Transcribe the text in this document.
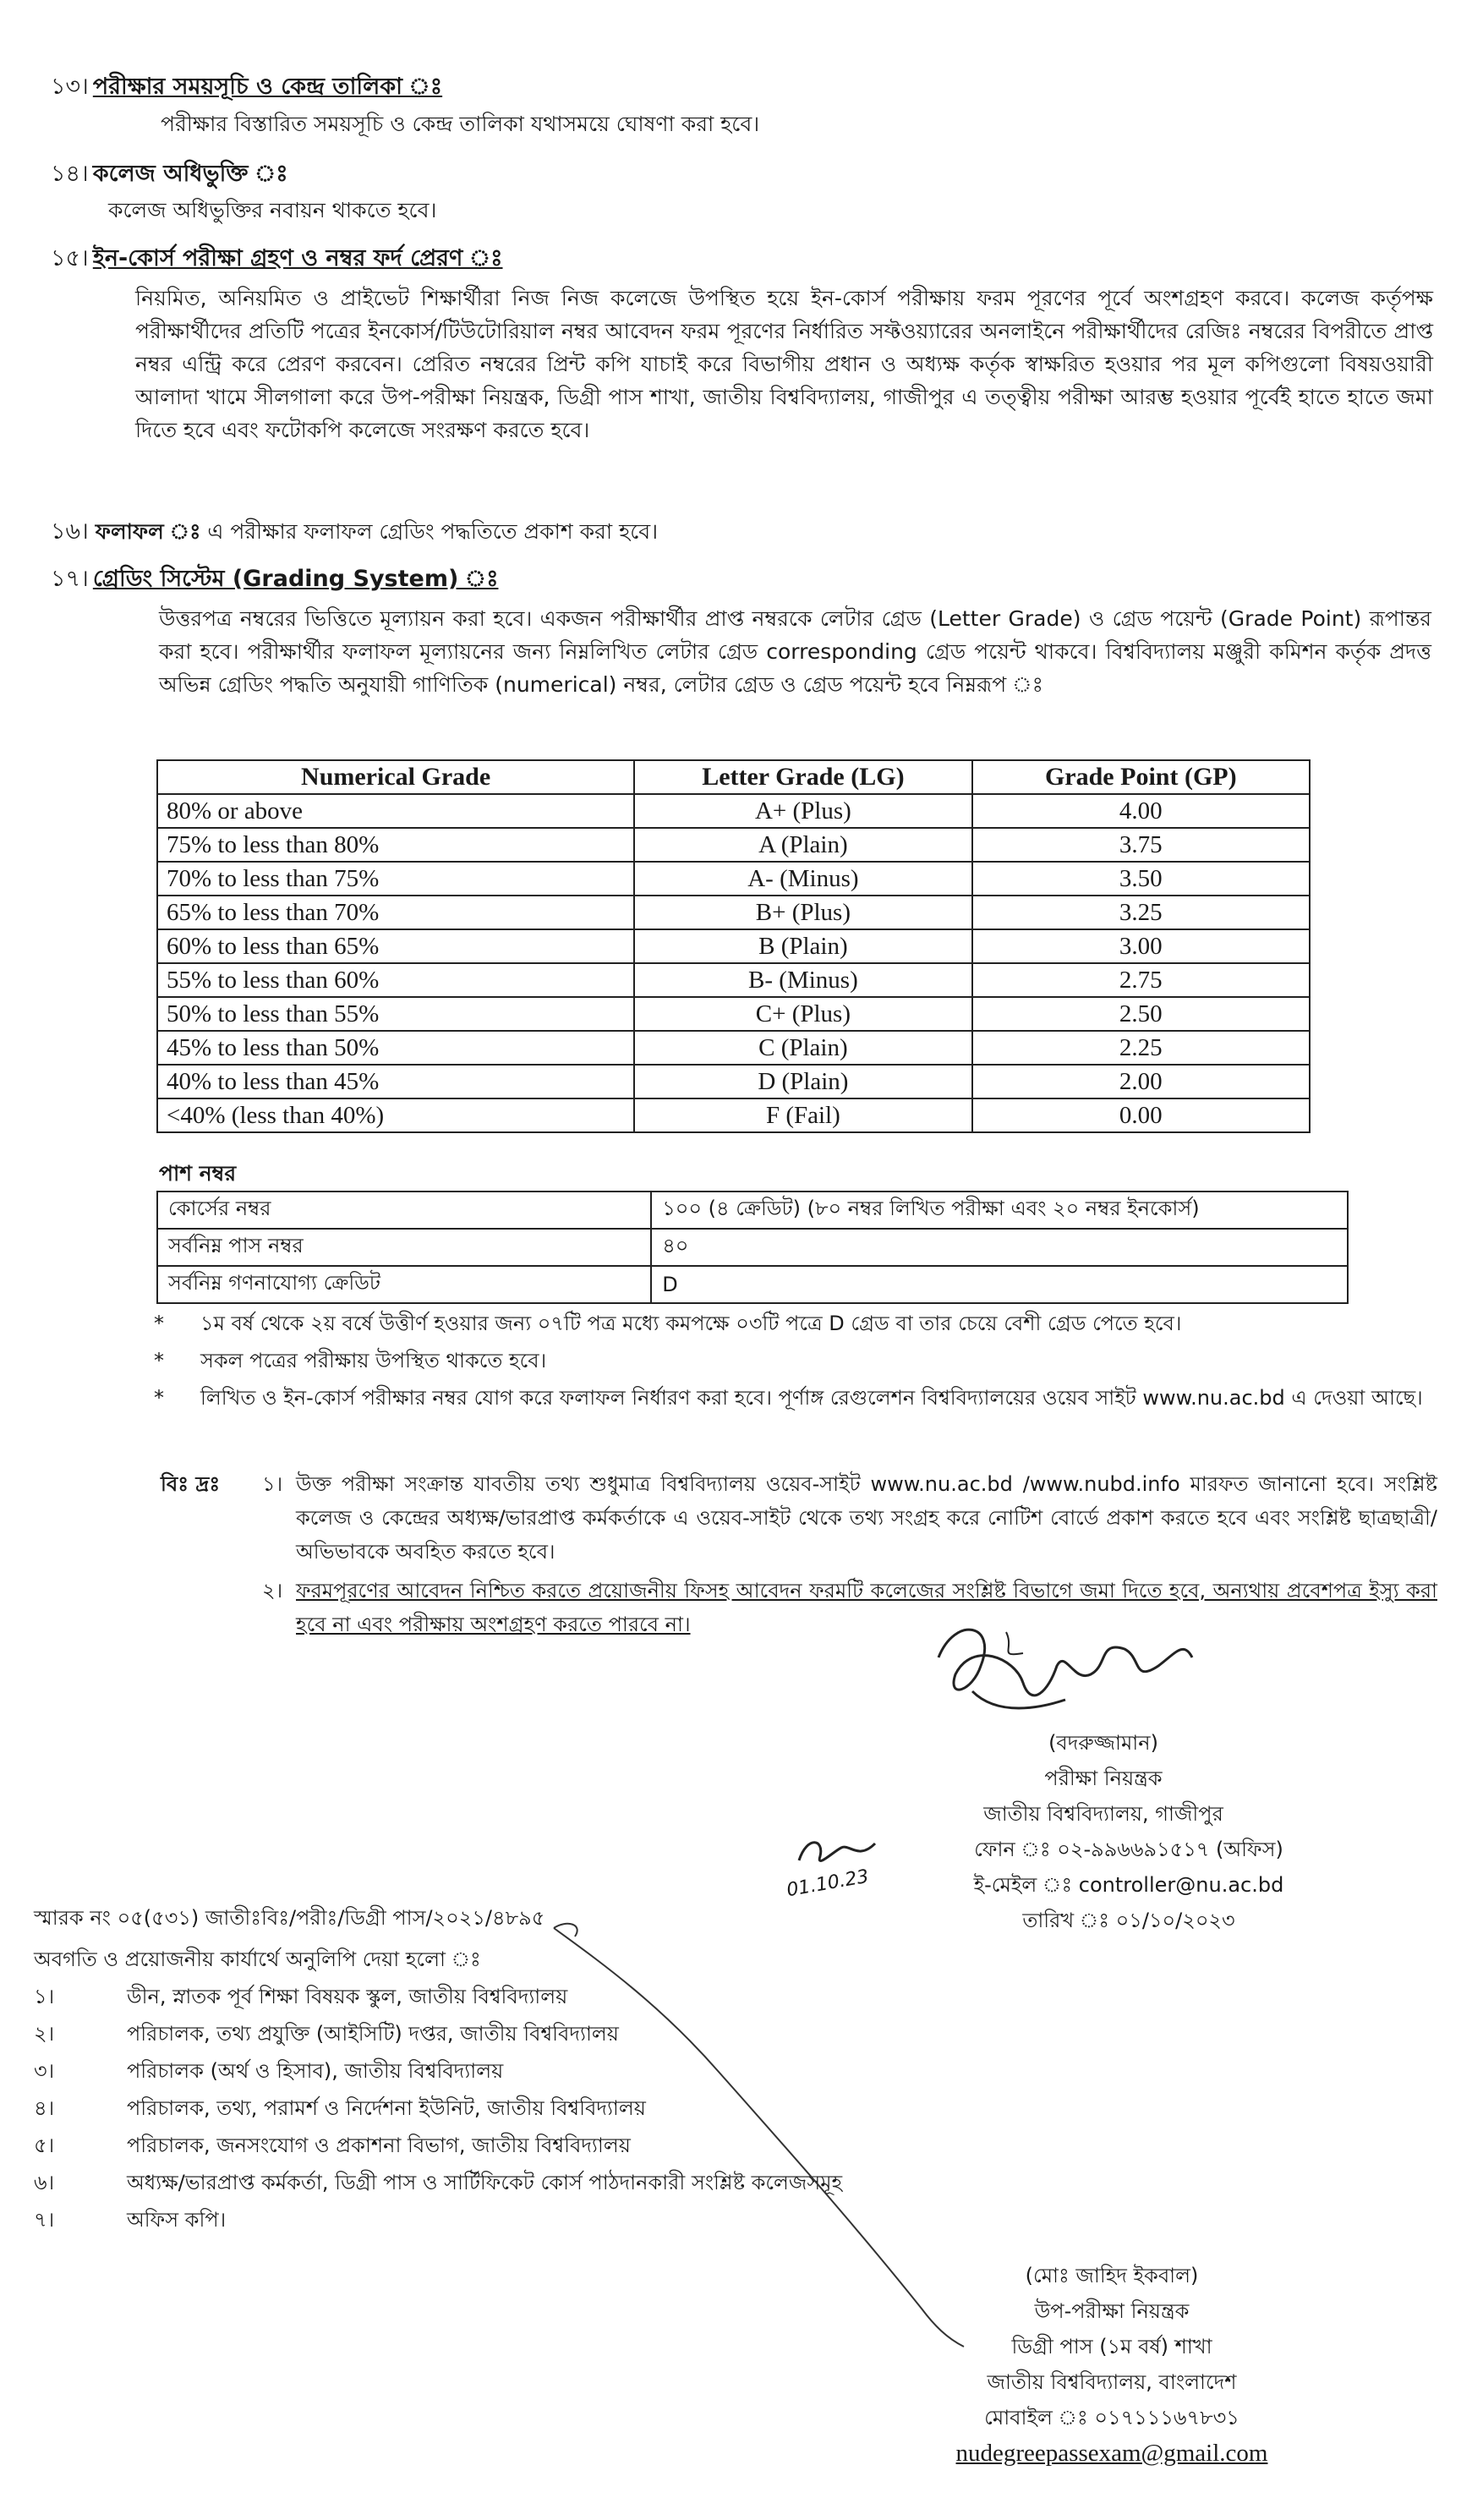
১৩। পরীক্ষার সময়সূচি ও কেন্দ্র তালিকা ঃ
পরীক্ষার বিস্তারিত সময়সূচি ও কেন্দ্র তালিকা যথাসময়ে ঘোষণা করা হবে।
১৪। কলেজ অধিভুক্তি ঃ
কলেজ অধিভুক্তির নবায়ন থাকতে হবে।
১৫। ইন-কোর্স পরীক্ষা গ্রহণ ও নম্বর ফর্দ প্রেরণ ঃ
নিয়মিত, অনিয়মিত ও প্রাইভেট শিক্ষার্থীরা নিজ নিজ কলেজে উপস্থিত হয়ে ইন-কোর্স পরীক্ষায় ফরম পূরণের পূর্বে অংশগ্রহণ করবে। কলেজ কর্তৃপক্ষ পরীক্ষার্থীদের প্রতিটি পত্রের ইনকোর্স/টিউটোরিয়াল নম্বর আবেদন ফরম পূরণের নির্ধারিত সফ্টওয়্যারের অনলাইনে পরীক্ষার্থীদের রেজিঃ নম্বরের বিপরীতে প্রাপ্ত নম্বর এন্ট্রি করে প্রেরণ করবেন। প্রেরিত নম্বরের প্রিন্ট কপি যাচাই করে বিভাগীয় প্রধান ও অধ্যক্ষ কর্তৃক স্বাক্ষরিত হওয়ার পর মূল কপিগুলো বিষয়ওয়ারী আলাদা খামে সীলগালা করে উপ-পরীক্ষা নিয়ন্ত্রক, ডিগ্রী পাস শাখা, জাতীয় বিশ্ববিদ্যালয়, গাজীপুর এ তত্ত্বীয় পরীক্ষা আরম্ভ হওয়ার পূর্বেই হাতে হাতে জমা দিতে হবে এবং ফটোকপি কলেজে সংরক্ষণ করতে হবে।
১৬। ফলাফল ঃ এ পরীক্ষার ফলাফল গ্রেডিং পদ্ধতিতে প্রকাশ করা হবে।
১৭। গ্রেডিং সিস্টেম (Grading System) ঃ
উত্তরপত্র নম্বরের ভিত্তিতে মূল্যায়ন করা হবে। একজন পরীক্ষার্থীর প্রাপ্ত নম্বরকে লেটার গ্রেড (Letter Grade) ও গ্রেড পয়েন্ট (Grade Point) রূপান্তর করা হবে। পরীক্ষার্থীর ফলাফল মূল্যায়নের জন্য নিম্নলিখিত লেটার গ্রেড corresponding গ্রেড পয়েন্ট থাকবে। বিশ্ববিদ্যালয় মঞ্জুরী কমিশন কর্তৃক প্রদত্ত অভিন্ন গ্রেডিং পদ্ধতি অনুযায়ী গাণিতিক (numerical) নম্বর, লেটার গ্রেড ও গ্রেড পয়েন্ট হবে নিম্নরূপ ঃ
Numerical Grade	Letter Grade (LG)	Grade Point (GP)
80% or above	A+ (Plus)	4.00
75% to less than 80%	A (Plain)	3.75
70% to less than 75%	A- (Minus)	3.50
65% to less than 70%	B+ (Plus)	3.25
60% to less than 65%	B (Plain)	3.00
55% to less than 60%	B- (Minus)	2.75
50% to less than 55%	C+ (Plus)	2.50
45% to less than 50%	C (Plain)	2.25
40% to less than 45%	D (Plain)	2.00
<40% (less than 40%)	F (Fail)	0.00
পাশ নম্বর
কোর্সের নম্বর	১০০ (৪ ক্রেডিট) (৮০ নম্বর লিখিত পরীক্ষা এবং ২০ নম্বর ইনকোর্স)
সর্বনিম্ন পাস নম্বর	৪০
সর্বনিম্ন গণনাযোগ্য ক্রেডিট	D
*	১ম বর্ষ থেকে ২য় বর্ষে উত্তীর্ণ হওয়ার জন্য ০৭টি পত্র মধ্যে কমপক্ষে ০৩টি পত্রে D গ্রেড বা তার চেয়ে বেশী গ্রেড পেতে হবে।
*	সকল পত্রের পরীক্ষায় উপস্থিত থাকতে হবে।
*	লিখিত ও ইন-কোর্স পরীক্ষার নম্বর যোগ করে ফলাফল নির্ধারণ করা হবে। পূর্ণাঙ্গ রেগুলেশন বিশ্ববিদ্যালয়ের ওয়েব সাইট www.nu.ac.bd এ দেওয়া আছে।
বিঃ দ্রঃ	১। উক্ত পরীক্ষা সংক্রান্ত যাবতীয় তথ্য শুধুমাত্র বিশ্ববিদ্যালয় ওয়েব-সাইট www.nu.ac.bd /www.nubd.info মারফত জানানো হবে। সংশ্লিষ্ট কলেজ ও কেন্দ্রের অধ্যক্ষ/ভারপ্রাপ্ত কর্মকর্তাকে এ ওয়েব-সাইট থেকে তথ্য সংগ্রহ করে নোটিশ বোর্ডে প্রকাশ করতে হবে এবং সংশ্লিষ্ট ছাত্রছাত্রী/অভিভাবকে অবহিত করতে হবে।
২। ফরমপূরণের আবেদন নিশ্চিত করতে প্রয়োজনীয় ফিসহ আবেদন ফরমটি কলেজের সংশ্লিষ্ট বিভাগে জমা দিতে হবে, অন্যথায় প্রবেশপত্র ইস্যু করা হবে না এবং পরীক্ষায় অংশগ্রহণ করতে পারবে না।
(বদরুজ্জামান)
পরীক্ষা নিয়ন্ত্রক
জাতীয় বিশ্ববিদ্যালয়, গাজীপুর
ফোন ঃ ০২-৯৯৬৬৯১৫১৭ (অফিস)
ই-মেইল ঃ controller@nu.ac.bd
তারিখ ঃ ০১/১০/২০২৩
01.10.23
স্মারক নং ০৫(৫৩১) জাতীঃবিঃ/পরীঃ/ডিগ্রী পাস/২০২১/৪৮৯৫
অবগতি ও প্রয়োজনীয় কার্যার্থে অনুলিপি দেয়া হলো ঃ
১।	ডীন, স্নাতক পূর্ব শিক্ষা বিষয়ক স্কুল, জাতীয় বিশ্ববিদ্যালয়
২।	পরিচালক, তথ্য প্রযুক্তি (আইসিটি) দপ্তর, জাতীয় বিশ্ববিদ্যালয়
৩।	পরিচালক (অর্থ ও হিসাব), জাতীয় বিশ্ববিদ্যালয়
৪।	পরিচালক, তথ্য, পরামর্শ ও নির্দেশনা ইউনিট, জাতীয় বিশ্ববিদ্যালয়
৫।	পরিচালক, জনসংযোগ ও প্রকাশনা বিভাগ, জাতীয় বিশ্ববিদ্যালয়
৬।	অধ্যক্ষ/ভারপ্রাপ্ত কর্মকর্তা, ডিগ্রী পাস ও সার্টিফিকেট কোর্স পাঠদানকারী সংশ্লিষ্ট কলেজসমূহ
৭।	অফিস কপি।
(মোঃ জাহিদ ইকবাল)
উপ-পরীক্ষা নিয়ন্ত্রক
ডিগ্রী পাস (১ম বর্ষ) শাখা
জাতীয় বিশ্ববিদ্যালয়, বাংলাদেশ
মোবাইল ঃ ০১৭১১১৬৭৮৩১
nudegreepassexam@gmail.com
